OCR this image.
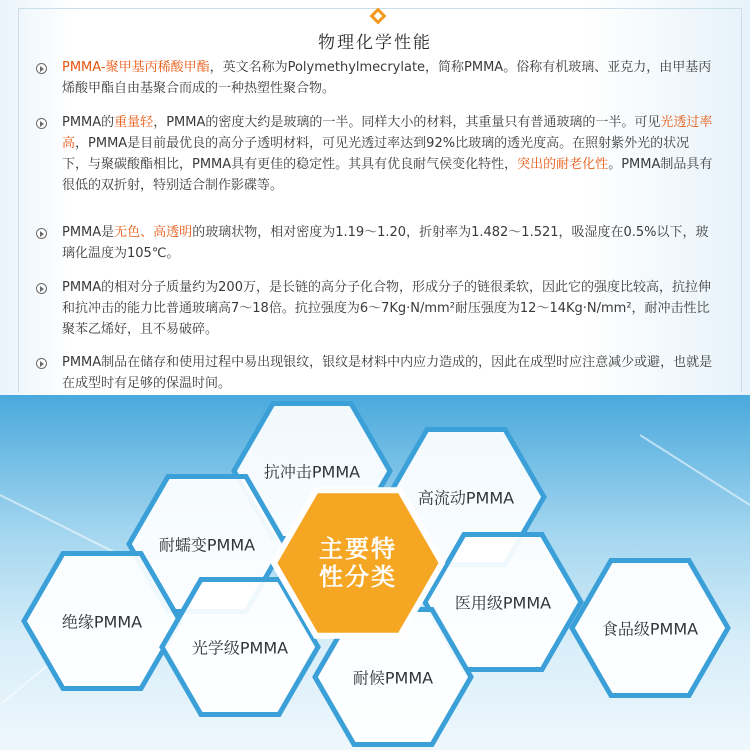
物理化学性能
PMMA-聚甲基丙稀酸甲酯，英文名称为Polymethylmecrylate，简称PMMA。俗称有机玻璃、亚克力，由甲基丙烯酸甲酯自由基聚合而成的一种热塑性聚合物。
PMMA的重量轻，PMMA的密度大约是玻璃的一半。同样大小的材料，其重量只有普通玻璃的一半。可见光透过率高，PMMA是目前最优良的高分子透明材料，可见光透过率达到92%比玻璃的透光度高。在照射紫外光的状况下，与聚碳酸酯相比，PMMA具有更佳的稳定性。其具有优良耐气侯变化特性，突出的耐老化性。PMMA制品具有很低的双折射，特别适合制作影碟等。
PMMA是无色、高透明的玻璃状物，相对密度为1.19～1.20，折射率为1.482～1.521，吸湿度在0.5%以下，玻璃化温度为105℃。
PMMA的相对分子质量约为200万，是长链的高分子化合物，形成分子的链很柔软，因此它的强度比较高，抗拉伸和抗冲击的能力比普通玻璃高7～18倍。抗拉强度为6～7Kg·N/mm²耐压强度为12～14Kg·N/mm²，耐冲击性比聚苯乙烯好，且不易破碎。
PMMA制品在储存和使用过程中易出现银纹，银纹是材料中内应力造成的，因此在成型时应注意减少或避，也就是在成型时有足够的保温时间。
抗冲击PMMA
高流动PMMA
耐蠕变PMMA
医用级PMMA
食品级PMMA
绝缘PMMA
光学级PMMA
耐候PMMA
主要特
性分类
